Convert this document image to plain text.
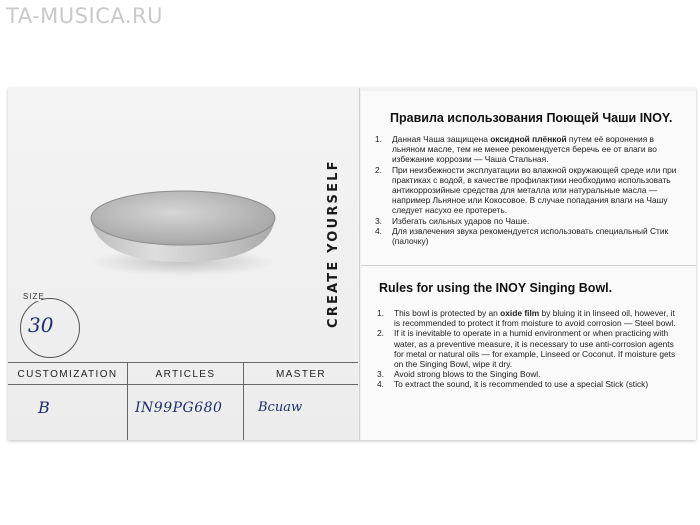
TA-MUSICA.RU
CREATE YOURSELF
SIZE
30
CUSTOMIZATION	ARTICLES	MASTER
B	IN99PG680	Bcuaw
Правила использования Поющей Чаши INOY.
1. Данная Чаша защищена оксидной плёнкой путем её воронения в льняном масле, тем не менее рекомендуется беречь ее от влаги во избежание коррозии — Чаша Стальная.
2. При неизбежности эксплуатации во влажной окружающей среде или при практиках с водой, в качестве профилактики необходимо использовать антикоррозийные средства для металла или натуральные масла — например Льняное или Кокосовое. В случае попадания влаги на Чашу следует насухо ее протереть.
3. Избегать сильных ударов по Чаше.
4. Для извлечения звука рекомендуется использовать специальный Стик (палочку)
Rules for using the INOY Singing Bowl.
1. This bowl is protected by an oxide film by bluing it in linseed oil, however, it is recommended to protect it from moisture to avoid corrosion — Steel bowl.
2. If it is inevitable to operate in a humid environment or when practicing with water, as a preventive measure, it is necessary to use anti-corrosion agents for metal or natural oils — for example, Linseed or Coconut. If moisture gets on the Singing Bowl, wipe it dry.
3. Avoid strong blows to the Singing Bowl.
4. To extract the sound, it is recommended to use a special Stick (stick)
